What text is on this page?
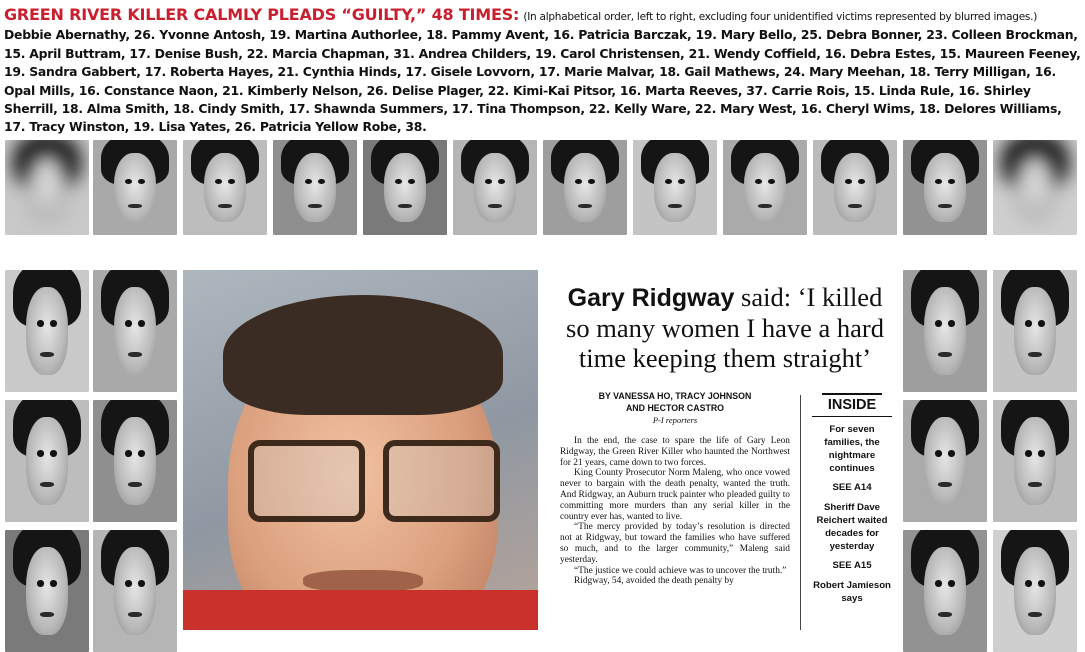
GREEN RIVER KILLER CALMLY PLEADS “GUILTY,” 48 TIMES: (In alphabetical order, left to right, excluding four unidentified victims represented by blurred images.) Debbie Abernathy, 26. Yvonne Antosh, 19. Martina Authorlee, 18. Pammy Avent, 16. Patricia Barczak, 19. Mary Bello, 25. Debra Bonner, 23. Colleen Brockman, 15. April Buttram, 17. Denise Bush, 22. Marcia Chapman, 31. Andrea Childers, 19. Carol Christensen, 21. Wendy Coffield, 16. Debra Estes, 15. Maureen Feeney, 19. Sandra Gabbert, 17. Roberta Hayes, 21. Cynthia Hinds, 17. Gisele Lovvorn, 17. Marie Malvar, 18. Gail Mathews, 24. Mary Meehan, 18. Terry Milligan, 16. Opal Mills, 16. Constance Naon, 21. Kimberly Nelson, 26. Delise Plager, 22. Kimi-Kai Pitsor, 16. Marta Reeves, 37. Carrie Rois, 15. Linda Rule, 16. Shirley Sherrill, 18. Alma Smith, 18. Cindy Smith, 17. Shawnda Summers, 17. Tina Thompson, 22. Kelly Ware, 22. Mary West, 16. Cheryl Wims, 18. Delores Williams, 17. Tracy Winston, 19. Lisa Yates, 26. Patricia Yellow Robe, 38.
Gary Ridgway said: ‘I killed so many women I have a hard time keeping them straight’
BY VANESSA HO, TRACY JOHNSON
AND HECTOR CASTRO
P-I reporters

In the end, the case to spare the life of Gary Leon Ridgway, the Green River Killer who haunted the Northwest for 21 years, came down to two forces.

King County Prosecutor Norm Maleng, who once vowed never to bargain with the death penalty, wanted the truth. And Ridgway, an Auburn truck painter who pleaded guilty to committing more murders than any serial killer in the country ever has, wanted to live.

“The mercy provided by today’s resolution is directed not at Ridgway, but toward the families who have suffered so much, and to the larger community,” Maleng said yesterday.

“The justice we could achieve was to uncover the truth.”

Ridgway, 54, avoided the death penalty by

INSIDE
For seven families, the nightmare continues
SEE A14
Sheriff Dave Reichert waited decades for yesterday
SEE A15
Robert Jamieson says
